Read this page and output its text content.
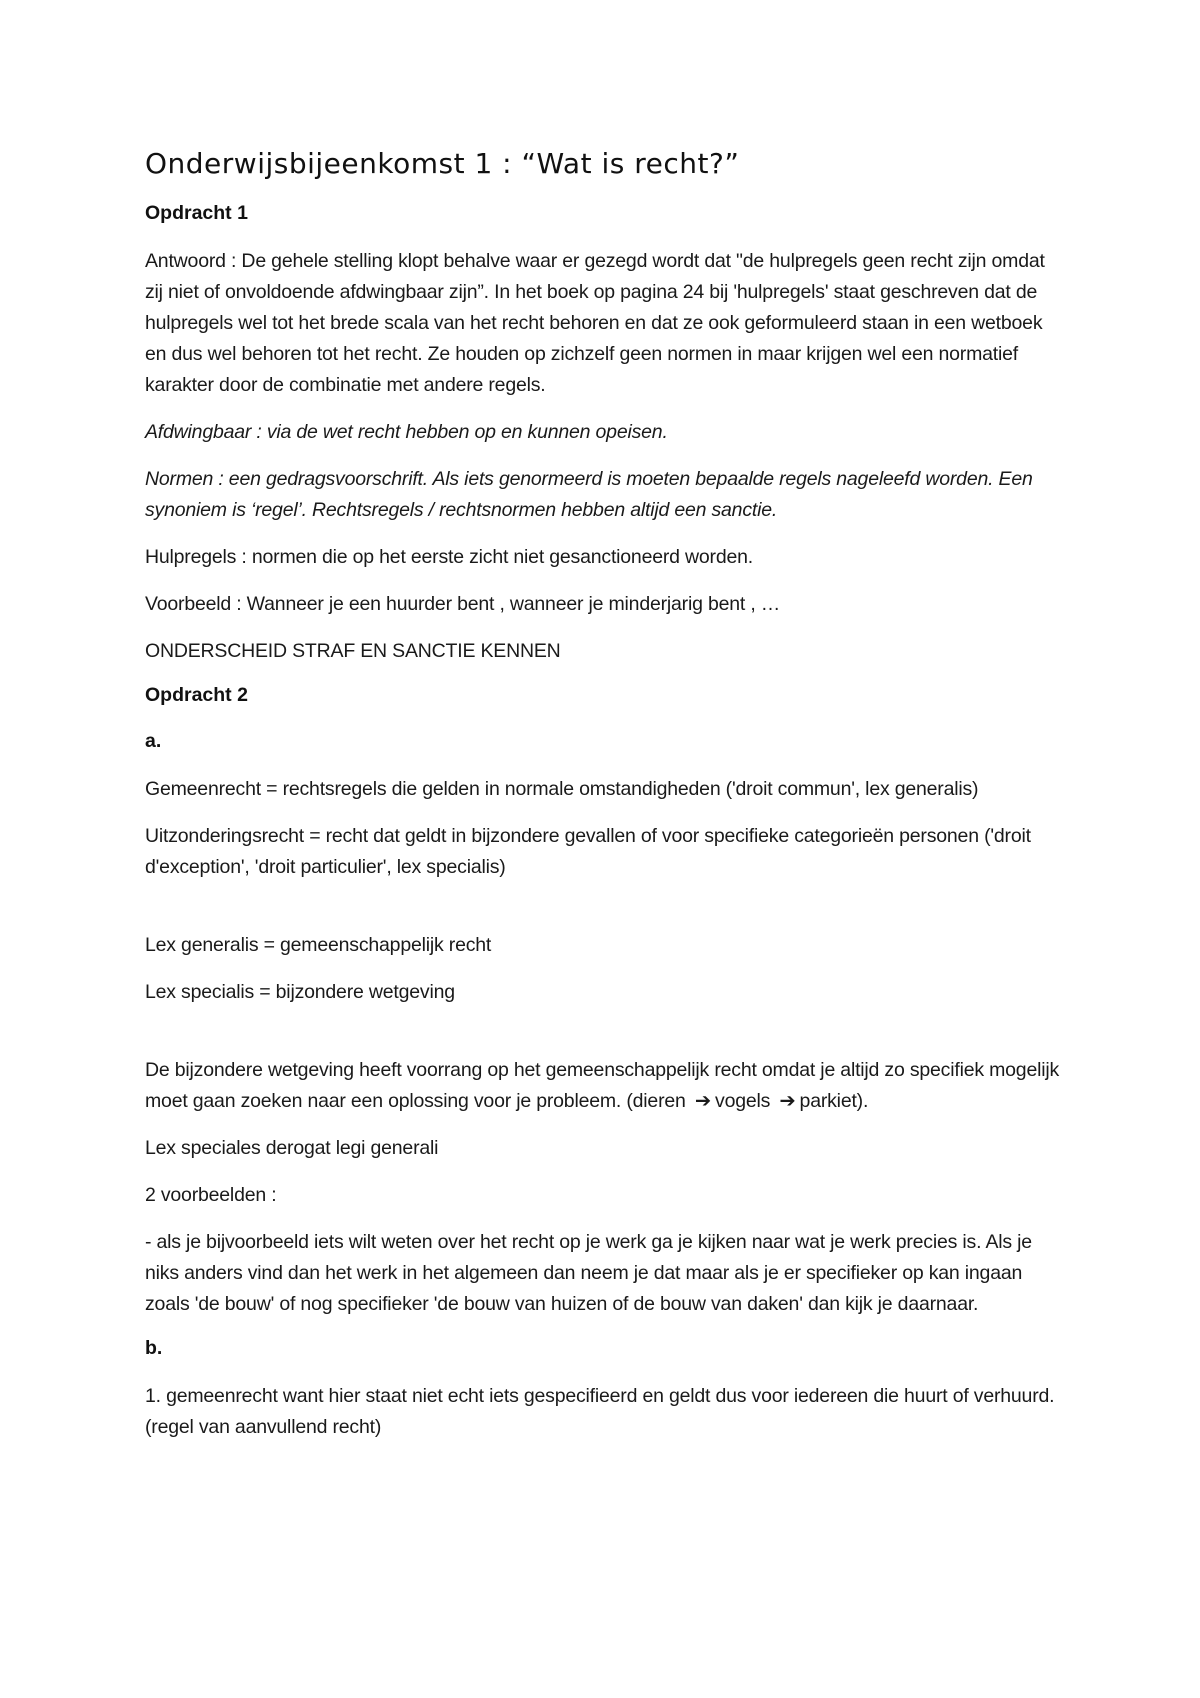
Onderwijsbijeenkomst 1 : “Wat is recht?”
Opdracht 1

Antwoord : De gehele stelling klopt behalve waar er gezegd wordt dat "de hulpregels geen recht zijn omdat zij niet of onvoldoende afdwingbaar zijn”. In het boek op pagina 24 bij 'hulpregels' staat geschreven dat de hulpregels wel tot het brede scala van het recht behoren en dat ze ook geformuleerd staan in een wetboek en dus wel behoren tot het recht. Ze houden op zichzelf geen normen in maar krijgen wel een normatief karakter door de combinatie met andere regels.

Afdwingbaar : via de wet recht hebben op en kunnen opeisen.

Normen : een gedragsvoorschrift. Als iets genormeerd is moeten bepaalde regels nageleefd worden. Een synoniem is ‘regel’. Rechtsregels / rechtsnormen hebben altijd een sanctie.

Hulpregels : normen die op het eerste zicht niet gesanctioneerd worden.

Voorbeeld : Wanneer je een huurder bent , wanneer je minderjarig bent , …

ONDERSCHEID STRAF EN SANCTIE KENNEN

Opdracht 2
a.

Gemeenrecht = rechtsregels die gelden in normale omstandigheden ('droit commun', lex generalis)

Uitzonderingsrecht = recht dat geldt in bijzondere gevallen of voor specifieke categorieën personen ('droit d'exception', 'droit particulier', lex specialis)

Lex generalis = gemeenschappelijk recht

Lex specialis = bijzondere wetgeving

De bijzondere wetgeving heeft voorrang op het gemeenschappelijk recht omdat je altijd zo specifiek mogelijk moet gaan zoeken naar een oplossing voor je probleem. (dieren ➔ vogels ➔ parkiet).

Lex speciales derogat legi generali

2 voorbeelden :

- als je bijvoorbeeld iets wilt weten over het recht op je werk ga je kijken naar wat je werk precies is. Als je niks anders vind dan het werk in het algemeen dan neem je dat maar als je er specifieker op kan ingaan zoals 'de bouw' of nog specifieker 'de bouw van huizen of de bouw van daken' dan kijk je daarnaar.

b.

1. gemeenrecht want hier staat niet echt iets gespecifieerd en geldt dus voor iedereen die huurt of verhuurd. (regel van aanvullend recht)
